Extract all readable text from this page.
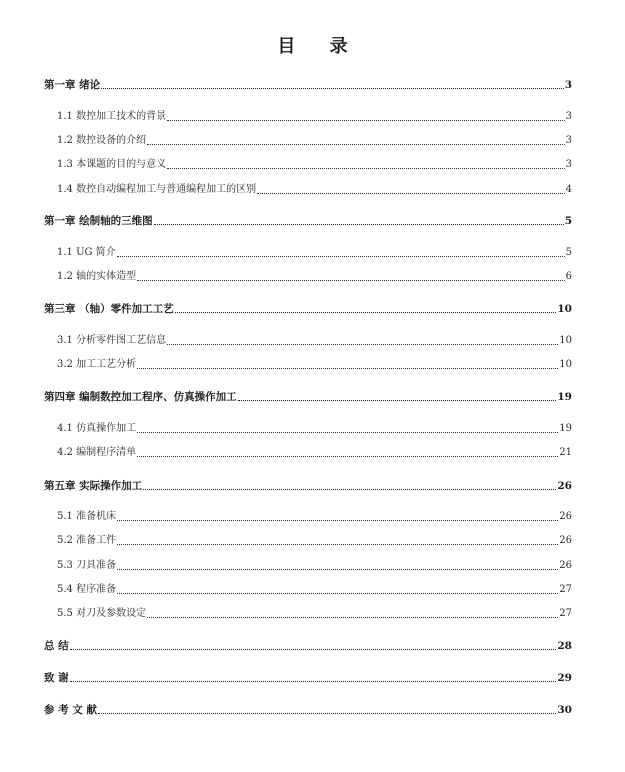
目 录
第一章 绪论	3
1.1 数控加工技术的背景	3
1.2 数控设备的介绍	3
1.3 本课题的目的与意义	3
1.4 数控自动编程加工与普通编程加工的区别	4
第一章 绘制轴的三维图	5
1.1 UG 简介	5
1.2 轴的实体造型	6
第三章 （轴）零件加工工艺	10
3.1 分析零件图工艺信息	10
3.2 加工工艺分析	10
第四章 编制数控加工程序、仿真操作加工	19
4.1 仿真操作加工	19
4.2 编制程序清单	21
第五章 实际操作加工	26
5.1 准备机床	26
5.2 准备工件	26
5.3 刀具准备	26
5.4 程序准备	27
5.5 对刀及参数设定	27
总 结	28
致 谢	29
参 考 文 献	30
